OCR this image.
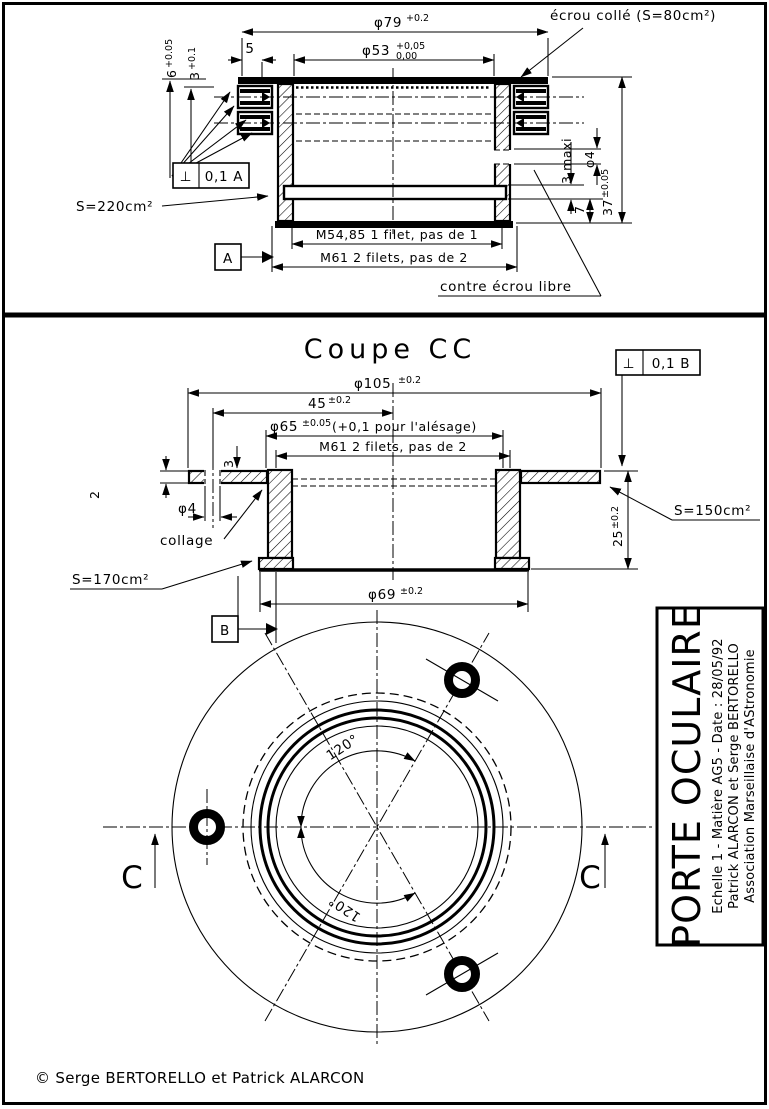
φ79 +0.2	écrou collé (S=80cm²)
φ53 +0,05
0,00
5
6
+0.05
3
+0.1
⊥ 0,1 A
S=220cm²
A
M54,85 1 filet, pas de 1
M61 2 filets, pas de 2
contre écrou libre
37
±0.05
3 maxi φ4
7
Coupe CC	⊥ 0,1 B
φ105 ±0.2
45 ±0.2
φ65 ±0.05 (+0,1 pour l'alésage)
M61 2 filets, pas de 2
3
2
φ4
collage
S=170cm²
S=150cm²
25
±0.2
φ69 ±0.2
B
120°
120°
C	C PORTE OCULAIRE Echelle 1 - Matière AG5 - Date : 28/05/92 Patrick ALARCON et Serge BERTORELLO Association Marseillaise d'AStronomie
© Serge BERTORELLO et Patrick ALARCON
